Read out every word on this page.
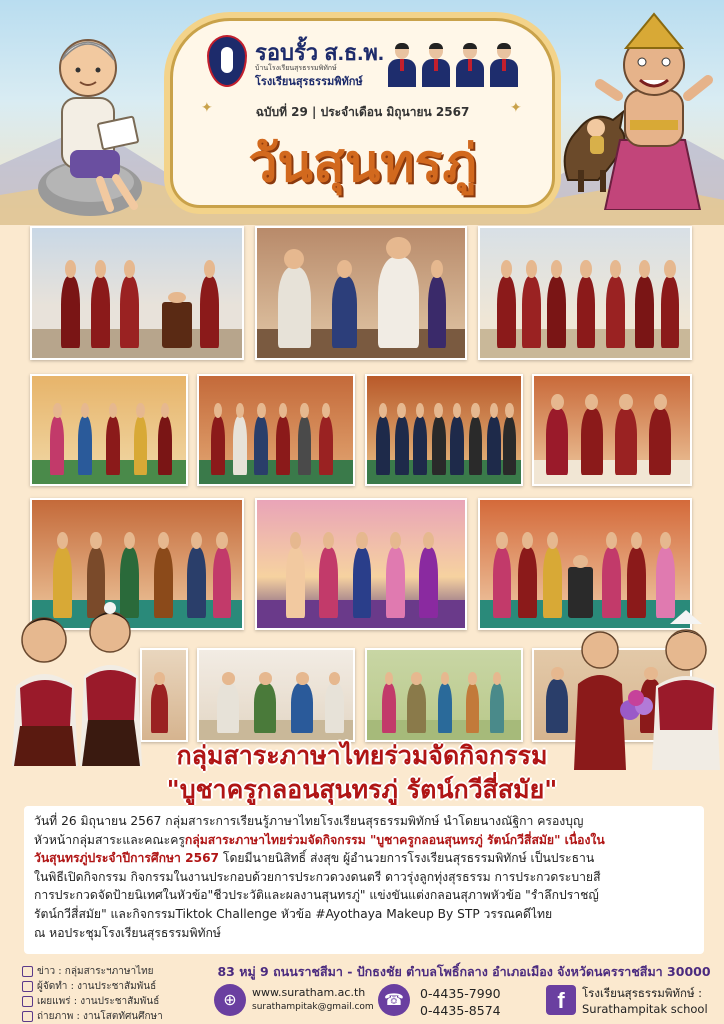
รอบรั้ว ส.ธ.พ.
บ้านโรงเรียนสุรธรรมพิทักษ์
โรงเรียนสุรธรรมพิทักษ์
✦	✦
ฉบับที่ 29 | ประจำเดือน มิถุนายน 2567
วันสุนทรภู่
กลุ่มสาระภาษาไทยร่วมจัดกิจกรรม
"บูชาครูกลอนสุนทรภู่ รัตน์กวีสี่สมัย"

วันที่ 26 มิถุนายน 2567 กลุ่มสาระการเรียนรู้ภาษาไทยโรงเรียนสุรธรรมพิทักษ์ นำโดยนางณัฐิกา ครองบุญ

หัวหน้ากลุ่มสาระและคณะครูกลุ่มสาระภาษาไทยร่วมจัดกิจกรรม "บูชาครูกลอนสุนทรภู่ รัตน์กวีสี่สมัย" เนื่องใน

วันสุนทรภู่ประจำปีการศึกษา 2567 โดยมีนายนิสิทธิ์ ส่งสุข ผู้อำนวยการโรงเรียนสุรธรรมพิทักษ์ เป็นประธาน

ในพิธีเปิดกิจกรรม กิจกรรมในงานประกอบด้วยการประกวดวงดนตรี ดาวรุ่งลูกทุ่งสุรธรรม การประกวดระบายสี

การประกวดจัดป้ายนิเทศในหัวข้อ"ชีวประวัติและผลงานสุนทรภู่" แข่งขันแต่งกลอนสุภาพหัวข้อ "รำลึกปราชญ์

รัตน์กวีสี่สมัย" และกิจกรรมTiktok Challenge หัวข้อ #Ayothaya Makeup By STP วรรณคดีไทย

ณ หอประชุมโรงเรียนสุรธรรมพิทักษ์

ข่าว : กลุ่มสาระฯภาษาไทย
ผู้จัดทำ : งานประชาสัมพันธ์
เผยแพร่ : งานประชาสัมพันธ์
ถ่ายภาพ : งานโสตทัศนศึกษา
83 หมู่ 9 ถนนราชสีมา - ปักธงชัย ตำบลโพธิ์กลาง อำเภอเมือง จังหวัดนครราชสีมา 30000
⊕	www.suratham.ac.th
surathampitak@gmail.com ☎	0-4435-7990
0-4435-8574	f	โรงเรียนสุรธรรมพิทักษ์ :
Surathampitak school
